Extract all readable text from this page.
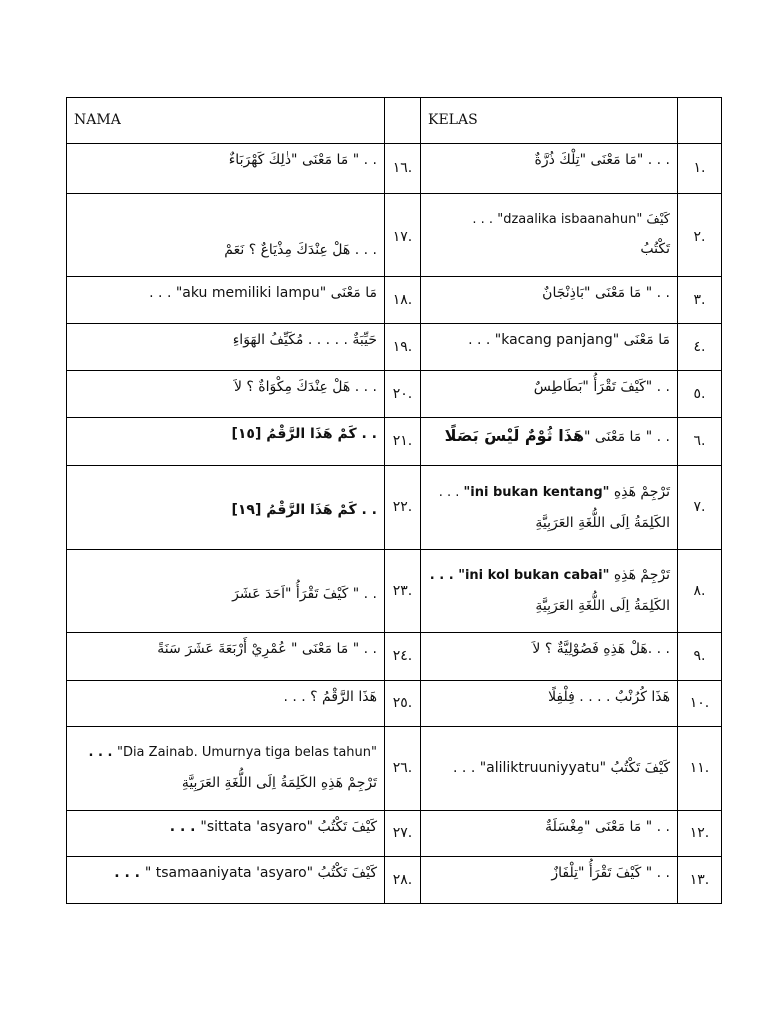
NAMA		KELAS	
. . " مَا مَعْنَى "ذٰلِكَ كَهْرَبَاءٌ	١٦.	. . . "مَا مَعْنَى "تِلْكَ ذُرَّةٌ	١.
. . . هَلْ عِنْدَكَ مِذْيَاعٌ ؟ نَعَمْ	١٧.	كَيْفَ "dzaalika isbaanahun" . . .
تَكْتُبُ	٢.
مَا مَعْنَى "aku memiliki lampu" . . .	١٨.	. . " مَا مَعْنَى "بَاذِنْجَانٌ	٣.
حَيِّبَةٌ . . . . . مُكَيِّفُ الهَوَاءِ	١٩.	مَا مَعْنَى "kacang panjang" . . .	٤.
. . . هَلْ عِنْدَكَ مِكْوَاةٌ ؟ لاَ	٢٠.	. . "كَيْفَ تَقْرَأُ "بَطَاطِسٌ	٥.
. . كَمْ هَذَا الرَّقْمُ [١٥]	٢١.	. . " مَا مَعْنَى "هَذَا ثُوْمٌ لَيْسَ بَصَلًا	٦.
. . كَمْ هَذَا الرَّقْمُ [١٩]	٢٢.	تَرْجِمْ هَذِهِ "ini bukan kentang" . . .
الكَلِمَةُ اِلَى اللُّغَةِ العَرَبِيَّةِ	٧.
. . " كَيْفَ تَقْرَأُ "اَحَدَ عَشَرَ	٢٣.	تَرْجِمْ هَذِهِ "ini kol bukan cabai" . . .
الكَلِمَةُ اِلَى اللُّغَةِ العَرَبِيَّةِ	٨.
. . " مَا مَعْنَى " عُمْرِيْ أَرْبَعَةَ عَشَرَ سَنَةً	٢٤.	. . .هَلْ هَذِهِ فَصُوْلِيَّةٌ ؟ لاَ	٩.
هَذَا الرَّقْمُ ؟ . . .	٢٥.	هَذَا كُرُنْبٌ . . . . فِلْفِلًا	١٠.

"Dia Zainab. Umurnya tiga belas tahun" . . .
تَرْجِمْ هَذِهِ الكَلِمَةُ اِلَى اللُّغَةِ العَرَبِيَّةِ	٢٦.	كَيْفَ تَكْتُبُ "aliliktruuniyyatu" . . .	١١.
كَيْفَ تَكْتُبُ "sittata 'asyaro" . . .	٢٧.	. . " مَا مَعْنَى "مِغْسَلَةٌ	١٢.
كَيْفَ تَكْتُبُ "tsamaaniyata 'asyaro " . . .	٢٨.	. . " كَيْفَ تَقْرَأُ "تِلْفَازٌ	١٣.
